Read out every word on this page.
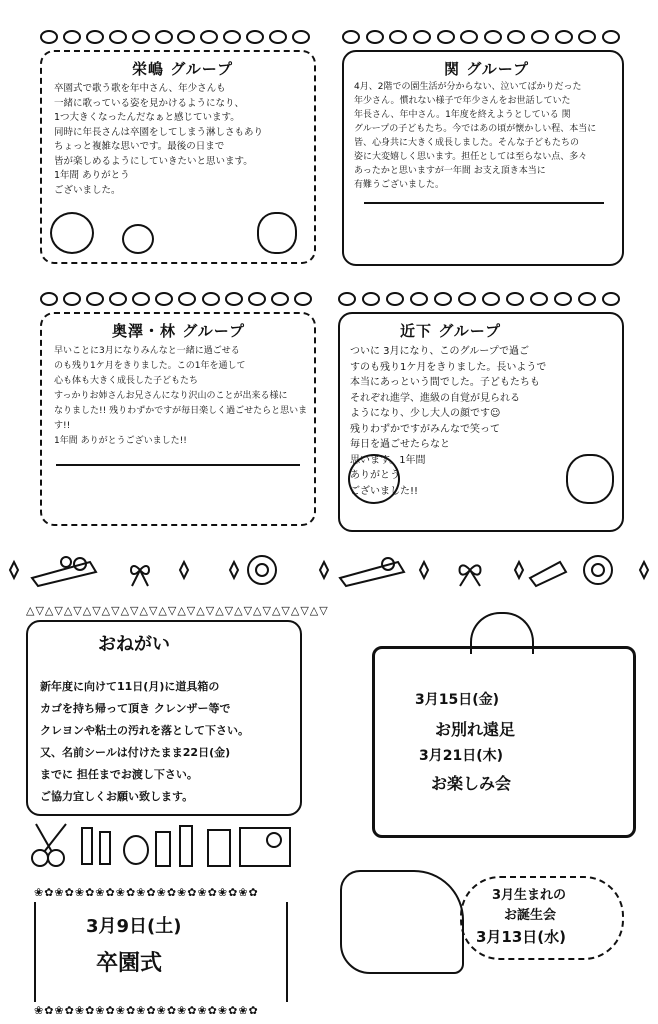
栄嶋 グループ
卒園式で歌う歌を年中さん、年少さんも
一緒に歌っている姿を見かけるようになり、
1つ大きくなったんだなぁと感じています。
同時に年長さんは卒園をしてしまう淋しさもあり
ちょっと複雑な思いです。最後の日まで
皆が楽しめるようにしていきたいと思います。
1年間 ありがとう
ございました。
関 グループ
4月、2階での園生活が分からない、泣いてばかりだった
年少さん。慣れない様子で年少さんをお世話していた
年長さん、年中さん。1年度を終えようとしている 関
グループの子どもたち。今ではあの頃が懐かしい程、本当に
皆、心身共に大きく成長しました。そんな子どもたちの
姿に大変嬉しく思います。担任としては至らない点、多々
あったかと思いますが一年間 お支え頂き本当に
有難うございました。
奥澤・林 グループ
早いことに3月になりみんなと一緒に過ごせる
のも残り1ケ月をきりました。この1年を通して
心も体も大きく成長した子どもたち
すっかりお姉さんお兄さんになり沢山のことが出来る様に
なりました!! 残りわずかですが毎日楽しく過ごせたらと思います!!
1年間 ありがとうございました!!
近下 グループ
ついに 3月になり、このグループで過ご
すのも残り1ケ月をきりました。長いようで
本当にあっという間でした。子どもたちも
それぞれ進学、進級の自覚が見られる
ようになり、少し大人の顔です☺
残りわずかですがみんなで笑って
毎日を過ごせたらなと
思います。1年間
ありがとう
ございました!!
△▽△▽△▽△▽△▽△▽△▽△▽△▽△▽△▽△▽△▽△▽△▽△▽
おねがい
新年度に向けて11日(月)に道具箱の
カゴを持ち帰って頂き クレンザー等で
クレヨンや粘土の汚れを落として下さい。
又、名前シールは付けたまま22日(金)
までに 担任までお渡し下さい。
ご協力宜しくお願い致します。
3月15日(金)
お別れ遠足
3月21日(木)
お楽しみ会
❀✿❀✿❀✿❀✿❀✿❀✿❀✿❀✿❀✿❀✿❀✿
3月9日(土)
卒園式
❀✿❀✿❀✿❀✿❀✿❀✿❀✿❀✿❀✿❀✿❀✿
3月生まれの
お誕生会
3月13日(水)
